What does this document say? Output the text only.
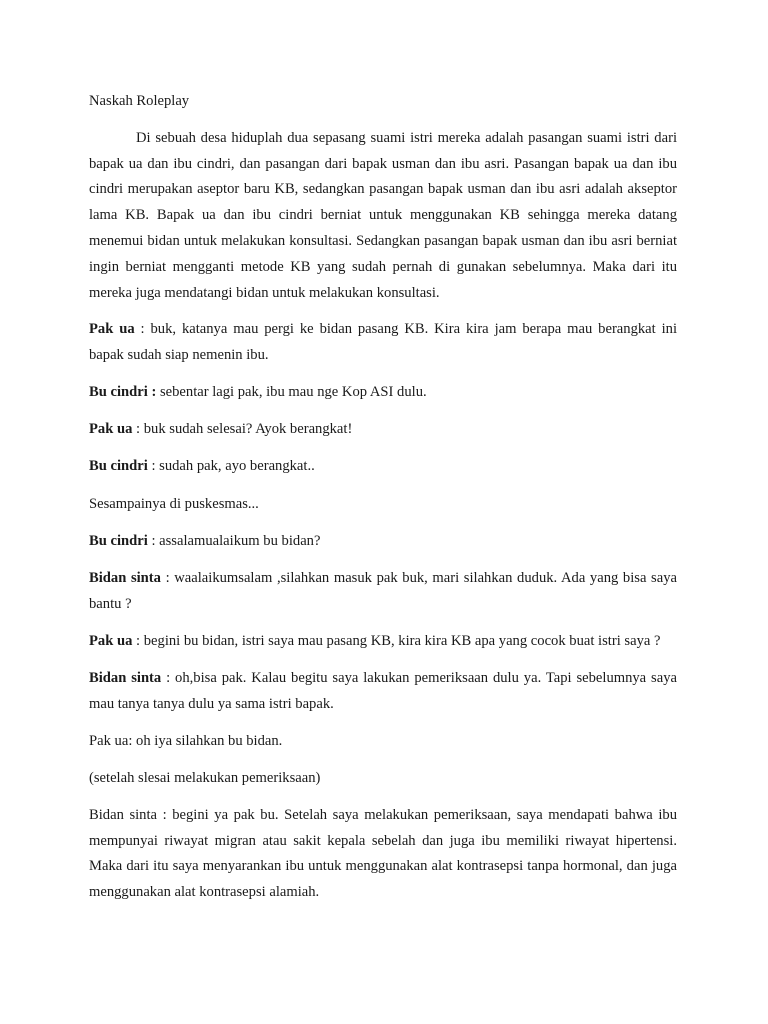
Naskah Roleplay

Di sebuah desa hiduplah dua sepasang suami istri mereka adalah pasangan suami istri dari bapak ua dan ibu cindri, dan pasangan dari bapak usman dan ibu asri. Pasangan bapak ua dan ibu cindri merupakan aseptor baru KB, sedangkan pasangan bapak usman dan ibu asri adalah akseptor lama KB. Bapak ua dan ibu cindri berniat untuk menggunakan KB sehingga mereka datang menemui bidan untuk melakukan konsultasi. Sedangkan pasangan bapak usman dan ibu asri berniat ingin berniat mengganti metode KB yang sudah pernah di gunakan sebelumnya. Maka dari itu mereka juga mendatangi bidan untuk melakukan konsultasi.

Pak ua : buk, katanya mau pergi ke bidan pasang KB. Kira kira jam berapa mau berangkat ini bapak sudah siap nemenin ibu.

Bu cindri : sebentar lagi pak, ibu mau nge Kop ASI dulu.

Pak ua : buk sudah selesai? Ayok berangkat!

Bu cindri : sudah pak, ayo berangkat..

Sesampainya di puskesmas...

Bu cindri : assalamualaikum bu bidan?

Bidan sinta : waalaikumsalam ,silahkan masuk pak buk, mari silahkan duduk. Ada yang bisa saya bantu ?

Pak ua : begini bu bidan, istri saya mau pasang KB, kira kira KB apa yang cocok buat istri saya ?

Bidan sinta : oh,bisa pak. Kalau begitu saya lakukan pemeriksaan dulu ya. Tapi sebelumnya saya mau tanya tanya dulu ya sama istri bapak.

Pak ua: oh iya silahkan bu bidan.

(setelah slesai melakukan pemeriksaan)

Bidan sinta : begini ya pak bu. Setelah saya melakukan pemeriksaan, saya mendapati bahwa ibu mempunyai riwayat migran atau sakit kepala sebelah dan juga ibu memiliki riwayat hipertensi. Maka dari itu saya menyarankan ibu untuk menggunakan alat kontrasepsi tanpa hormonal, dan juga menggunakan alat kontrasepsi alamiah.
